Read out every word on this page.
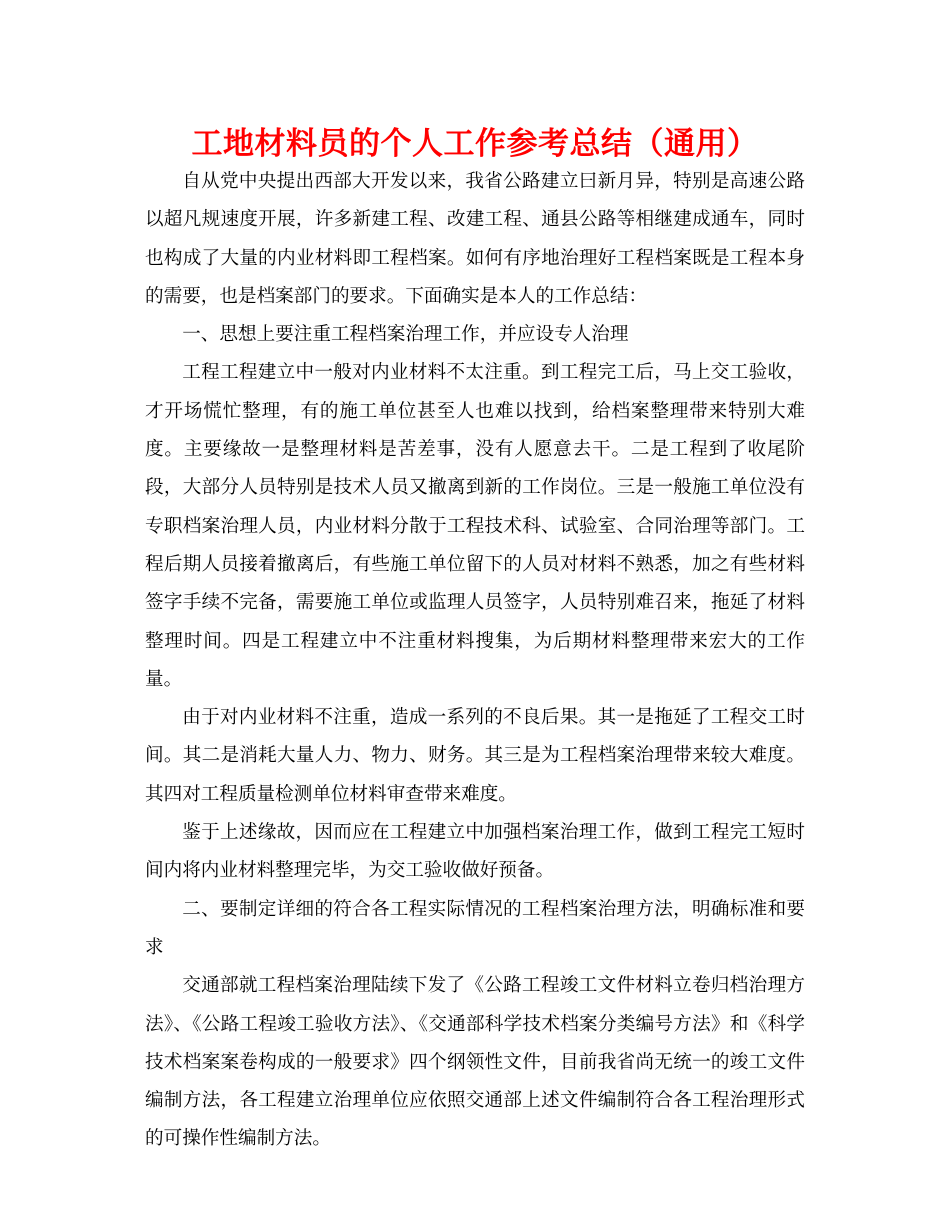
工地材料员的个人工作参考总结（通用）

自从党中央提出西部大开发以来，我省公路建立曰新月异，特别是高速公路以超凡规速度开展，许多新建工程、改建工程、通县公路等相继建成通车，同时也构成了大量的内业材料即工程档案。如何有序地治理好工程档案既是工程本身的需要，也是档案部门的要求。下面确实是本人的工作总结：

一、思想上要注重工程档案治理工作，并应设专人治理

工程工程建立中一般对内业材料不太注重。到工程完工后，马上交工验收，才开场慌忙整理，有的施工单位甚至人也难以找到，给档案整理带来特别大难度。主要缘故一是整理材料是苦差事，没有人愿意去干。二是工程到了收尾阶段，大部分人员特别是技术人员又撤离到新的工作岗位。三是一般施工单位没有专职档案治理人员，内业材料分散于工程技术科、试验室、合同治理等部门。工程后期人员接着撤离后，有些施工单位留下的人员对材料不熟悉，加之有些材料签字手续不完备，需要施工单位或监理人员签字，人员特别难召来，拖延了材料整理时间。四是工程建立中不注重材料搜集，为后期材料整理带来宏大的工作量。

由于对内业材料不注重，造成一系列的不良后果。其一是拖延了工程交工时间。其二是消耗大量人力、物力、财务。其三是为工程档案治理带来较大难度。其四对工程质量检测单位材料审查带来难度。

鉴于上述缘故，因而应在工程建立中加强档案治理工作，做到工程完工短时间内将内业材料整理完毕，为交工验收做好预备。

二、要制定详细的符合各工程实际情况的工程档案治理方法，明确标准和要求

交通部就工程档案治理陆续下发了《公路工程竣工文件材料立卷归档治理方法》、《公路工程竣工验收方法》、《交通部科学技术档案分类编号方法》和《科学技术档案案卷构成的一般要求》四个纲领性文件，目前我省尚无统一的竣工文件编制方法，各工程建立治理单位应依照交通部上述文件编制符合各工程治理形式的可操作性编制方法。
